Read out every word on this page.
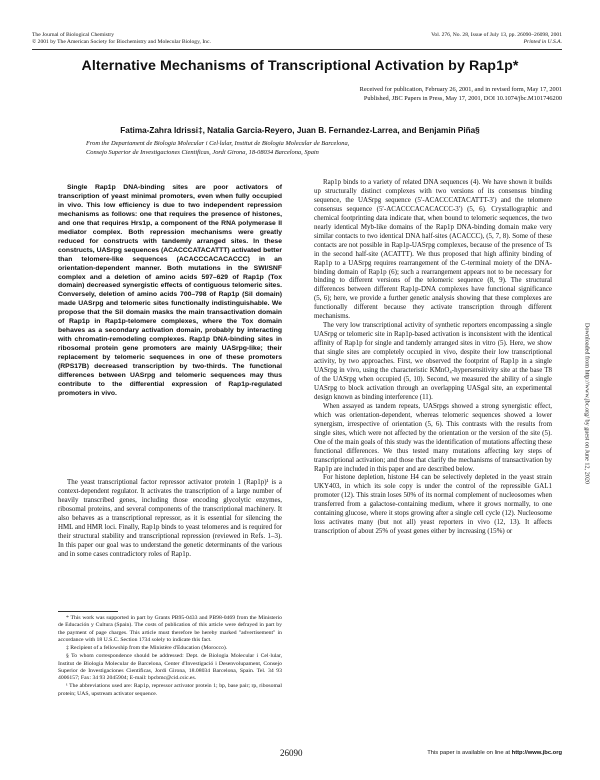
The Journal of Biological Chemistry
© 2001 by The American Society for Biochemistry and Molecular Biology, Inc.
Vol. 276, No. 28, Issue of July 13, pp. 26090–26098, 2001
Printed in U.S.A.
Alternative Mechanisms of Transcriptional Activation by Rap1p*
Received for publication, February 26, 2001, and in revised form, May 17, 2001
Published, JBC Papers in Press, May 17, 2001, DOI 10.1074/jbc.M101746200
Fatima-Zahra Idrissi‡, Natalia Garcia-Reyero, Juan B. Fernandez-Larrea, and Benjamin Piña§
From the Departament de Biologia Molecular i Cel·lular, Institut de Biologia Molecular de Barcelona,
Consejo Superior de Investigaciones Cientificas, Jordi Girona, 18-08034 Barcelona, Spain

Single Rap1p DNA-binding sites are poor activators of transcription of yeast minimal promoters, even when fully occupied in vivo. This low efficiency is due to two independent repression mechanisms as follows: one that requires the presence of histones, and one that requires Hrs1p, a component of the RNA polymerase II mediator complex. Both repression mechanisms were greatly reduced for constructs with tandemly arranged sites. In these constructs, UASrpg sequences (ACACCCATACATTT) activated better than telomere-like sequences (ACACCCACACACCC) in an orientation-dependent manner. Both mutations in the SWI/SNF complex and a deletion of amino acids 597–629 of Rap1p (Tox domain) decreased synergistic effects of contiguous telomeric sites. Conversely, deletion of amino acids 700–798 of Rap1p (Sil domain) made UASrpg and telomeric sites functionally indistinguishable. We propose that the Sil domain masks the main transactivation domain of Rap1p in Rap1p-telomere complexes, where the Tox domain behaves as a secondary activation domain, probably by interacting with chromatin-remodeling complexes. Rap1p DNA-binding sites in ribosomal protein gene promoters are mainly UASrpg-like; their replacement by telomeric sequences in one of these promoters (RPS17B) decreased transcription by two-thirds. The functional differences between UASrpg and telomeric sequences may thus contribute to the differential expression of Rap1p-regulated promoters in vivo.

The yeast transcriptional factor repressor activator protein 1 (Rap1p)¹ is a context-dependent regulator. It activates the transcription of a large number of heavily transcribed genes, including those encoding glycolytic enzymes, ribosomal proteins, and several components of the transcriptional machinery. It also behaves as a transcriptional repressor, as it is essential for silencing the HML and HMR loci. Finally, Rap1p binds to yeast telomeres and is required for their structural stability and transcriptional repression (reviewed in Refs. 1–3). In this paper our goal was to understand the genetic determinants of the various and in some cases contradictory roles of Rap1p.

* This work was supported in part by Grants PB95-0433 and PB98-0469 from the Ministerio de Educación y Cultura (Spain). The costs of publication of this article were defrayed in part by the payment of page charges. This article must therefore be hereby marked "advertisement" in accordance with 18 U.S.C. Section 1734 solely to indicate this fact.

‡ Recipient of a fellowship from the Ministère d'Education (Morocco).

§ To whom correspondence should be addressed: Dept. de Biologia Molecular i Cel·lular, Institut de Biologia Molecular de Barcelona, Center d'Investigació i Desenvolupament, Consejo Superior de Investigaciones Cientificas, Jordi Girona, 18.08034 Barcelona, Spain. Tel. 34 93 4006157; Fax: 34 93 2045904; E-mail: bpcbmc@cid.csic.es.

¹ The abbreviations used are: Rap1p, repressor activator protein 1; bp, base pair; rp, ribosomal protein; UAS, upstream activator sequence.

Rap1p binds to a variety of related DNA sequences (4). We have shown it builds up structurally distinct complexes with two versions of its consensus binding sequence, the UASrpg sequence (5′-ACACCCATACATTT-3′) and the telomere consensus sequence (5′-ACACCCACACACCC-3′) (5, 6). Crystallographic and chemical footprinting data indicate that, when bound to telomeric sequences, the two nearly identical Myb-like domains of the Rap1p DNA-binding domain make very similar contacts to two identical DNA half-sites (ACACCC), (5, 7, 8). Some of these contacts are not possible in Rap1p-UASrpg complexes, because of the presence of Ts in the second half-site (ACATTT). We thus proposed that high affinity binding of Rap1p to a UASrpg requires rearrangement of the C-terminal moiety of the DNA-binding domain of Rap1p (6); such a rearrangement appears not to be necessary for binding to different versions of the telomeric sequence (8, 9). The structural differences between different Rap1p-DNA complexes have functional significance (5, 6); here, we provide a further genetic analysis showing that these complexes are functionally different because they activate transcription through different mechanisms.

The very low transcriptional activity of synthetic reporters encompassing a single UASrpg or telomeric site in Rap1p-based activation is inconsistent with the identical affinity of Rap1p for single and tandemly arranged sites in vitro (5). Here, we show that single sites are completely occupied in vivo, despite their low transcriptional activity, by two approaches. First, we observed the footprint of Rap1p in a single UASrpg in vivo, using the characteristic KMnO₄-hypersensitivity site at the base T8 of the UASrpg when occupied (5, 10). Second, we measured the ability of a single UASrpg to block activation through an overlapping UASgal site, an experimental design known as binding interference (11).

When assayed as tandem repeats, UASrpgs showed a strong synergistic effect, which was orientation-dependent, whereas telomeric sequences showed a lower synergism, irrespective of orientation (5, 6). This contrasts with the results from single sites, which were not affected by the orientation or the version of the site (5). One of the main goals of this study was the identification of mutations affecting these functional differences. We thus tested many mutations affecting key steps of transcriptional activation; and those that clarify the mechanisms of transactivation by Rap1p are included in this paper and are described below.

For histone depletion, histone H4 can be selectively depleted in the yeast strain UKY403, in which its sole copy is under the control of the repressible GAL1 promoter (12). This strain loses 50% of its normal complement of nucleosomes when transferred from a galactose-containing medium, where it grows normally, to one containing glucose, where it stops growing after a single cell cycle (12). Nucleosome loss activates many (but not all) yeast reporters in vivo (12, 13). It affects transcription of about 25% of yeast genes either by increasing (15%) or

Downloaded from http://www.jbc.org/ by guest on June 12, 2020
26090	This paper is available on line at http://www.jbc.org
